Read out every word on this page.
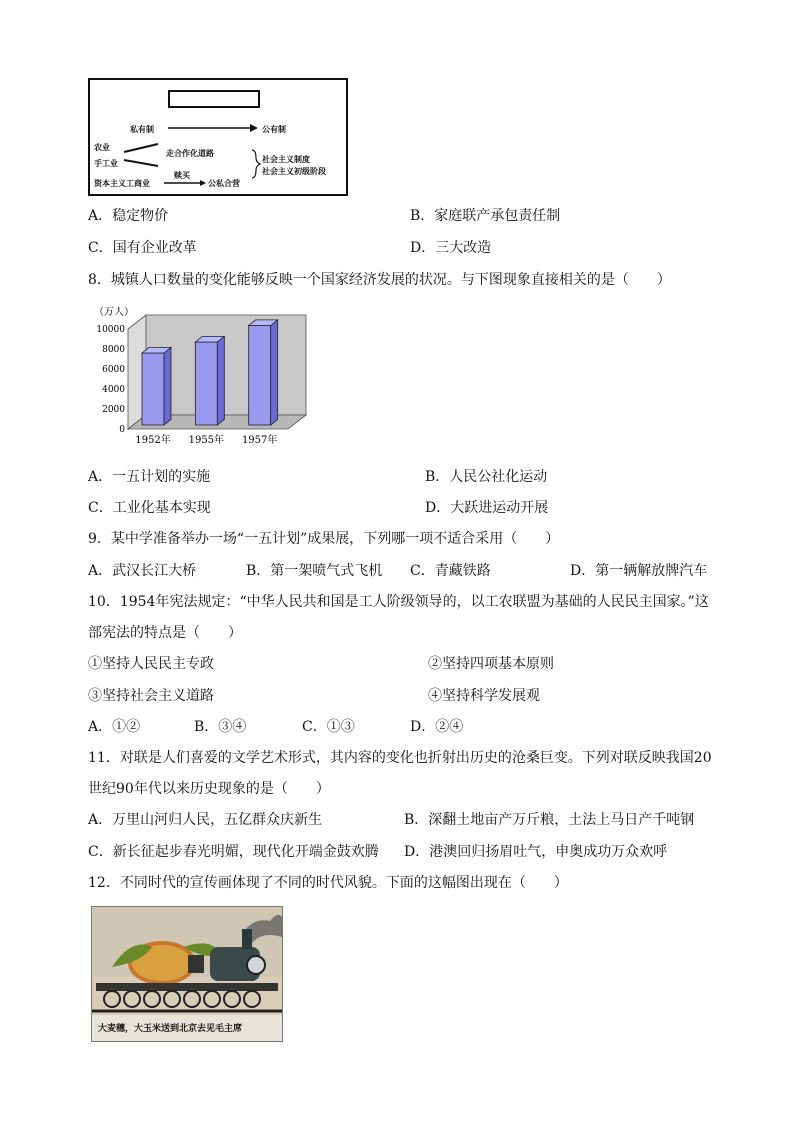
私有制	公有制
农业
手工业
资本主义工商业
走合作化道路
赎买
公私合营
社会主义制度
社会主义初级阶段
A．稳定物价	B．家庭联产承包责任制
C．国有企业改革	D．三大改造
8．城镇人口数量的变化能够反映一个国家经济发展的状况。与下图现象直接相关的是（　　）
（万人）
10000
8000
6000
4000
2000
0
1952年 1955年 1957年
A．一五计划的实施	B．人民公社化运动
C．工业化基本实现	D．大跃进运动开展
9．某中学准备举办一场“一五计划”成果展，下列哪一项不适合采用（　　）
A．武汉长江大桥	B．第一架喷气式飞机 C．青藏铁路	D．第一辆解放牌汽车
10．1954年宪法规定：“中华人民共和国是工人阶级领导的，以工农联盟为基础的人民民主国家。”这
部宪法的特点是（　　）
①坚持人民民主专政	②坚持四项基本原则
③坚持社会主义道路	④坚持科学发展观
A．①②	B．③④	C．①③	D．②④
11．对联是人们喜爱的文学艺术形式，其内容的变化也折射出历史的沧桑巨变。下列对联反映我国20
世纪90年代以来历史现象的是（　　）
A．万里山河归人民，五亿群众庆新生	B．深翻土地亩产万斤粮，土法上马日产千吨钢
C．新长征起步春光明媚，现代化开端金鼓欢腾 D．港澳回归扬眉吐气，申奥成功万众欢呼
12．不同时代的宣传画体现了不同的时代风貌。下面的这幅图出现在（　　）
大麦穗，大玉米送到北京去见毛主席
